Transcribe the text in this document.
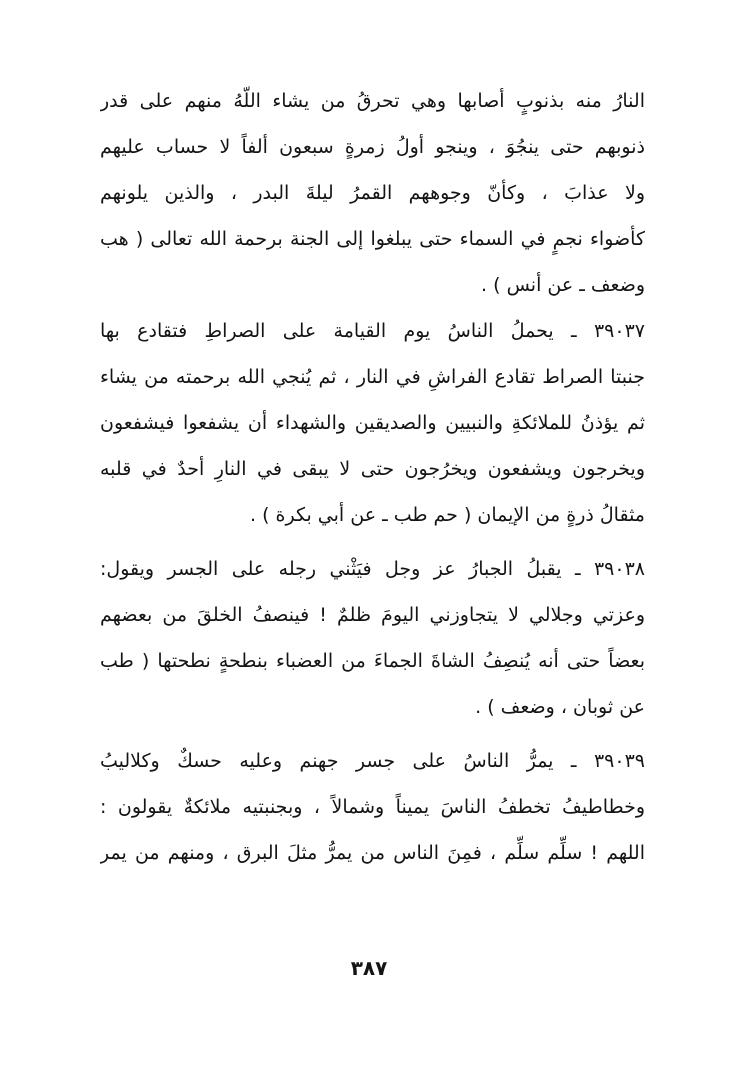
النارُ منه بذنوبٍ أصابها وهي تحرقُ من يشاء اللّهُ منهم على قدر
ذنوبهم حتى ينجُوَ ، وينجو أولُ زمرةٍ سبعون ألفاً لا حساب عليهم
ولا عذابَ ، وكأنّ وجوههم القمرُ ليلةَ البدر ، والذين يلونهم
كأضواء نجمٍ في السماء حتى يبلغوا إلى الجنة برحمة الله تعالى ( هب
وضعف ـ عن أنس ) .

٣٩٠٣٧ ـ يحملُ الناسُ يوم القيامة على الصراطِ فتقادع بها
جنبتا الصراط تقادع الفراشِ في النار ، ثم يُنجي الله برحمته من يشاء
ثم يؤذنُ للملائكةِ والنبيين والصديقين والشهداء أن يشفعوا فيشفعون
ويخرجون ويشفعون ويخرُجون حتى لا يبقى في النارِ أحدٌ في قلبه
مثقالُ ذرةٍ من الإيمان ( حم طب ـ عن أبي بكرة ) .

٣٩٠٣٨ ـ يقبلُ الجبارُ عز وجل فيَثْني رجله على الجسر ويقول:
وعزتي وجلالي لا يتجاوزني اليومَ ظلمٌ ! فينصفُ الخلقَ من بعضهم
بعضاً حتى أنه يُنصِفُ الشاةَ الجماءَ من العضباء بنطحةٍ نطحتها ( طب
عن ثوبان ، وضعف ) .

٣٩٠٣٩ ـ يمرُّ الناسُ على جسر جهنم وعليه حسكٌ وكلاليبُ
وخطاطيفُ تخطفُ الناسَ يميناً وشمالاً ، وبجنبتيه ملائكةٌ يقولون :
اللهم ! سلِّم سلِّم ، فمِنَ الناس من يمرُّ مثلَ البرق ، ومنهم من يمر

٣٨٧
